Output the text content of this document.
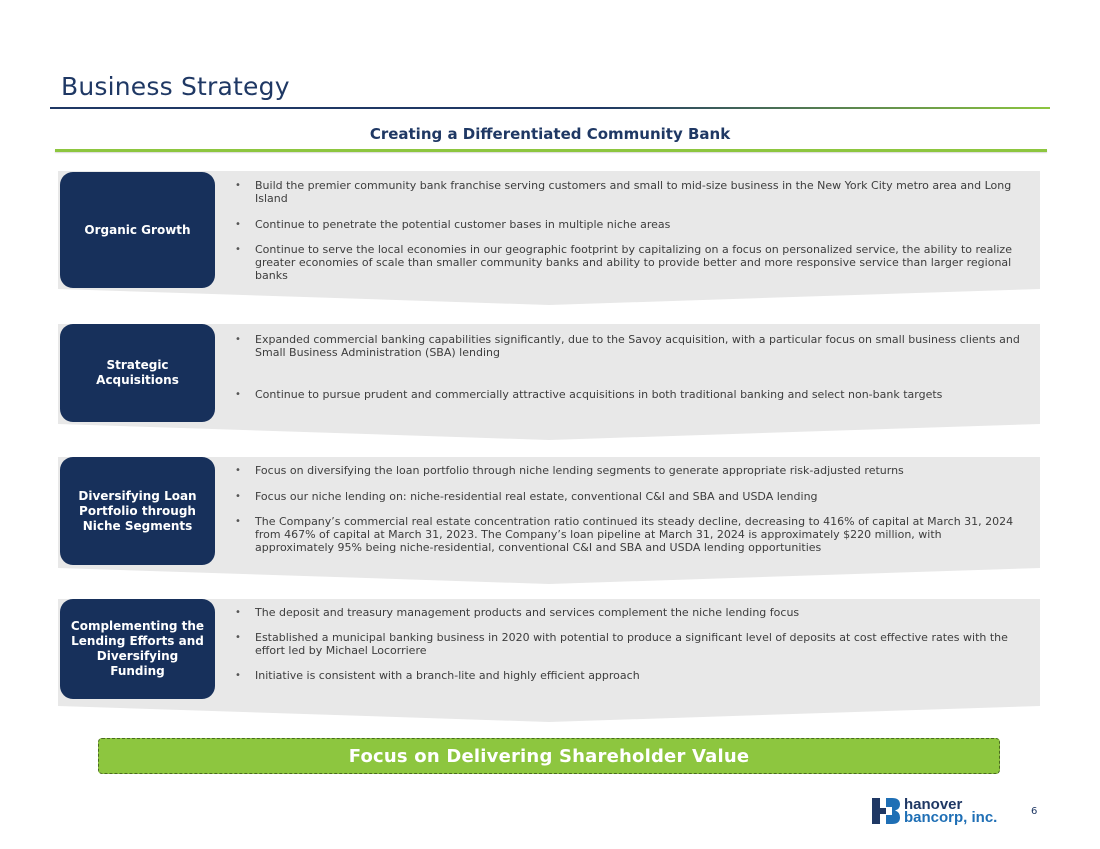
Business Strategy
Creating a Differentiated Community Bank
Organic Growth
• Build the premier community bank franchise serving customers and small to mid-size business in the New York City metro area and Long Island
• Continue to penetrate the potential customer bases in multiple niche areas
• Continue to serve the local economies in our geographic footprint by capitalizing on a focus on personalized service, the ability to realize greater economies of scale than smaller community banks and ability to provide better and more responsive service than larger regional banks
Strategic Acquisitions
• Expanded commercial banking capabilities significantly, due to the Savoy acquisition, with a particular focus on small business clients and Small Business Administration (SBA) lending
• Continue to pursue prudent and commercially attractive acquisitions in both traditional banking and select non-bank targets
Diversifying Loan Portfolio through Niche Segments
• Focus on diversifying the loan portfolio through niche lending segments to generate appropriate risk-adjusted returns
• Focus our niche lending on: niche-residential real estate, conventional C&I and SBA and USDA lending
• The Company’s commercial real estate concentration ratio continued its steady decline, decreasing to 416% of capital at March 31, 2024 from 467% of capital at March 31, 2023. The Company’s loan pipeline at March 31, 2024 is approximately $220 million, with approximately 95% being niche-residential, conventional C&I and SBA and USDA lending opportunities
Complementing the Lending Efforts and Diversifying Funding
• The deposit and treasury management products and services complement the niche lending focus
• Established a municipal banking business in 2020 with potential to produce a significant level of deposits at cost effective rates with the effort led by Michael Locorriere
• Initiative is consistent with a branch-lite and highly efficient approach
Focus on Delivering Shareholder Value
hanover
bancorp, inc.	6
